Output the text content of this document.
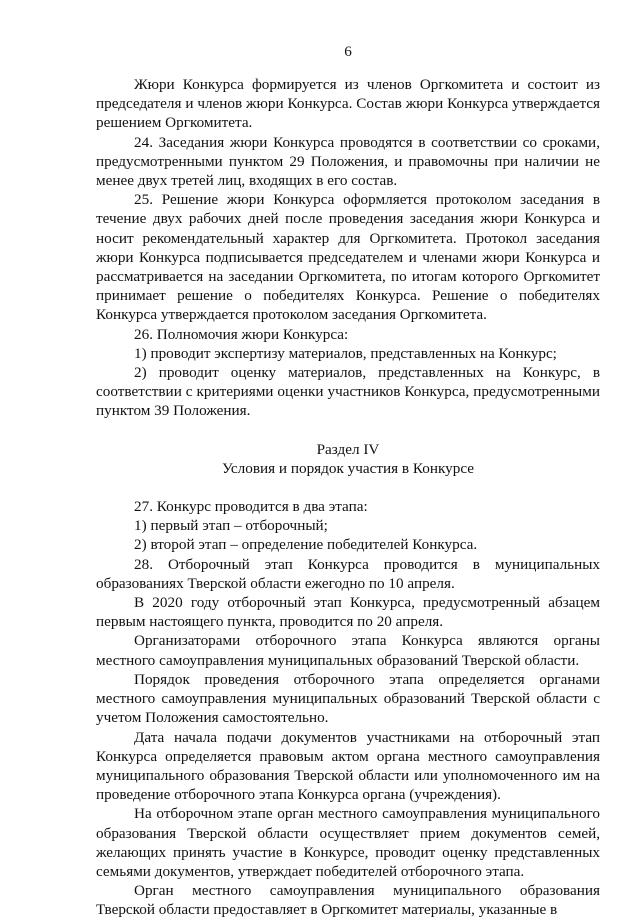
6

Жюри Конкурса формируется из членов Оргкомитета и состоит из председателя и членов жюри Конкурса. Состав жюри Конкурса утверждается решением Оргкомитета.

24. Заседания жюри Конкурса проводятся в соответствии со сроками, предусмотренными пунктом 29 Положения, и правомочны при наличии не менее двух третей лиц, входящих в его состав.

25. Решение жюри Конкурса оформляется протоколом заседания в течение двух рабочих дней после проведения заседания жюри Конкурса и носит рекомендательный характер для Оргкомитета. Протокол заседания жюри Конкурса подписывается председателем и членами жюри Конкурса и рассматривается на заседании Оргкомитета, по итогам которого Оргкомитет принимает решение о победителях Конкурса. Решение о победителях Конкурса утверждается протоколом заседания Оргкомитета.

26. Полномочия жюри Конкурса:

1) проводит экспертизу материалов, представленных на Конкурс;

2) проводит оценку материалов, представленных на Конкурс, в соответствии с критериями оценки участников Конкурса, предусмотренными пунктом 39 Положения.

Раздел IV
Условия и порядок участия в Конкурсе

27. Конкурс проводится в два этапа:

1) первый этап – отборочный;

2) второй этап – определение победителей Конкурса.

28. Отборочный этап Конкурса проводится в муниципальных образованиях Тверской области ежегодно по 10 апреля.

В 2020 году отборочный этап Конкурса, предусмотренный абзацем первым настоящего пункта, проводится по 20 апреля.

Организаторами отборочного этапа Конкурса являются органы местного самоуправления муниципальных образований Тверской области.

Порядок проведения отборочного этапа определяется органами местного самоуправления муниципальных образований Тверской области с учетом Положения самостоятельно.

Дата начала подачи документов участниками на отборочный этап Конкурса определяется правовым актом органа местного самоуправления муниципального образования Тверской области или уполномоченного им на проведение отборочного этапа Конкурса органа (учреждения).

На отборочном этапе орган местного самоуправления муниципального образования Тверской области осуществляет прием документов семей, желающих принять участие в Конкурсе, проводит оценку представленных семьями документов, утверждает победителей отборочного этапа.

Орган местного самоуправления муниципального образования Тверской области предоставляет в Оргкомитет материалы, указанные в
